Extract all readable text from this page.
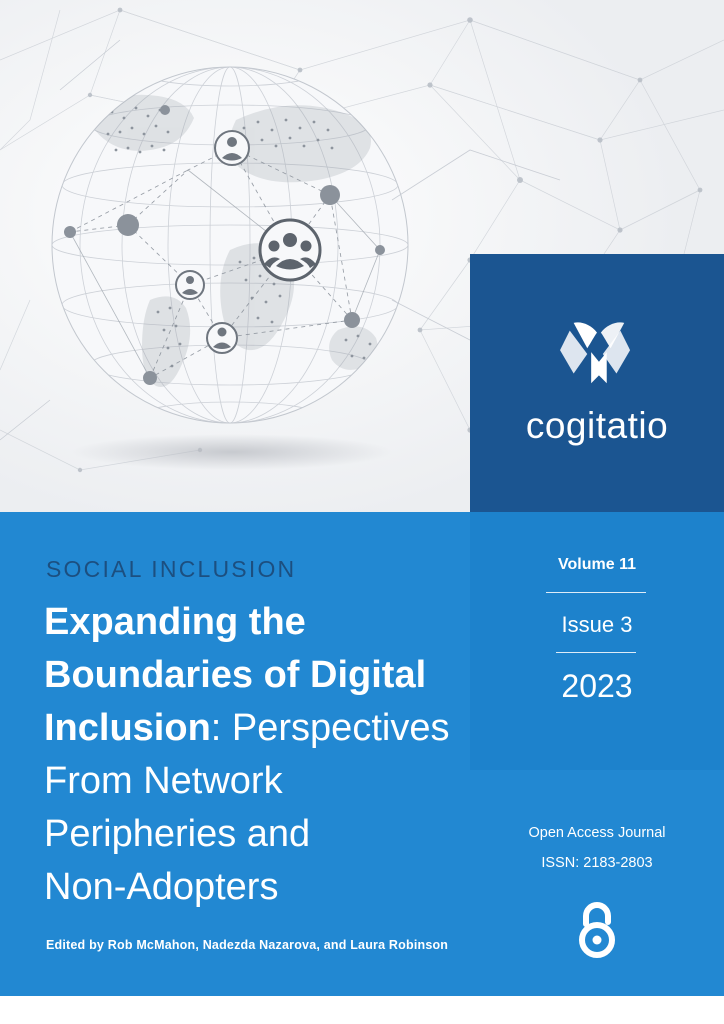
cogitatio
SOCIAL INCLUSION
Expanding the
Boundaries of Digital
Inclusion: Perspectives
From Network
Peripheries and
Non-Adopters
Edited by Rob McMahon, Nadezda Nazarova, and Laura Robinson
Volume 11
Issue 3
2023
Open Access Journal
ISSN: 2183-2803
